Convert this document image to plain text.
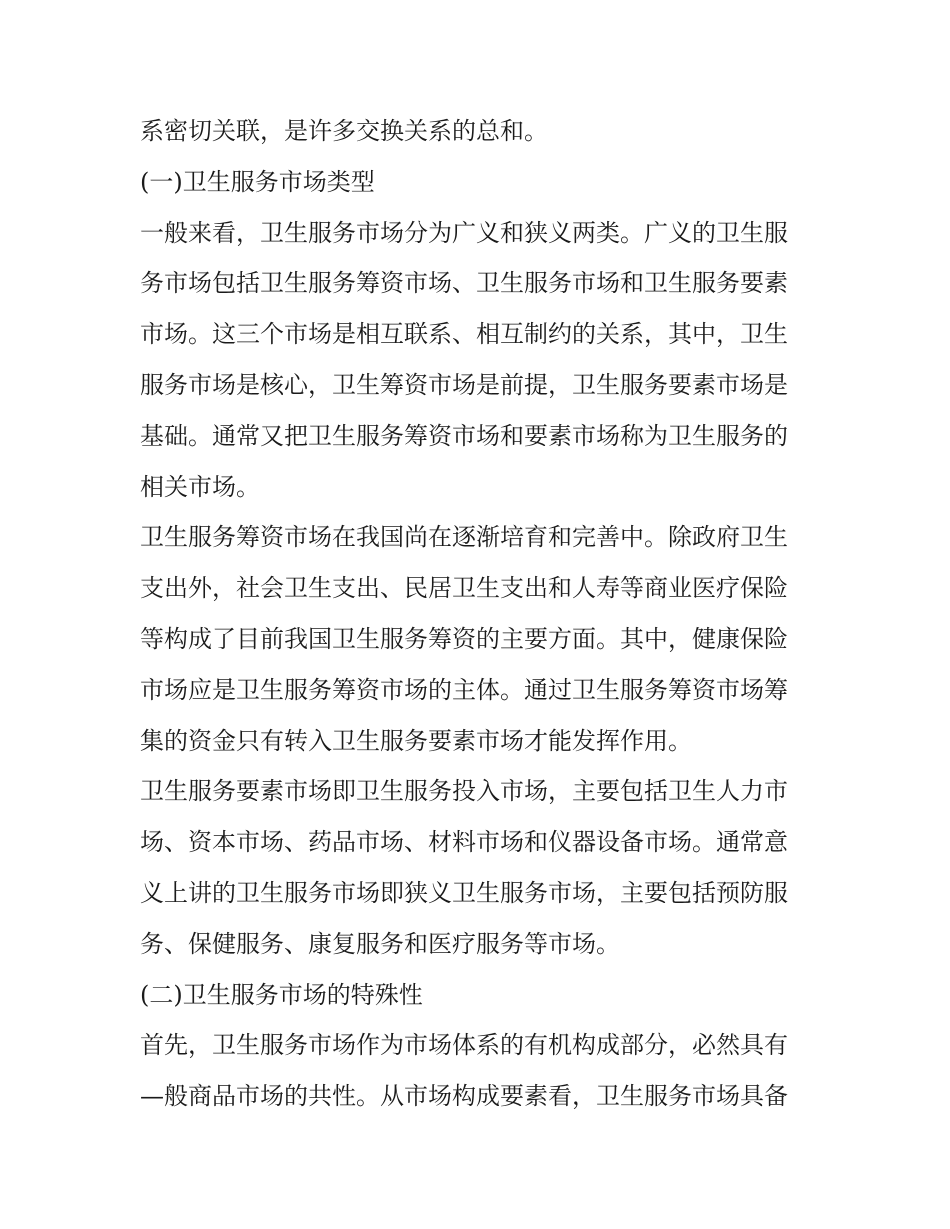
系密切关联，是许多交换关系的总和。
(一)卫生服务市场类型
一般来看，卫生服务市场分为广义和狭义两类。广义的卫生服
务市场包括卫生服务筹资市场、卫生服务市场和卫生服务要素
市场。这三个市场是相互联系、相互制约的关系，其中，卫生
服务市场是核心，卫生筹资市场是前提，卫生服务要素市场是
基础。通常又把卫生服务筹资市场和要素市场称为卫生服务的
相关市场。
卫生服务筹资市场在我国尚在逐渐培育和完善中。除政府卫生
支出外，社会卫生支出、民居卫生支出和人寿等商业医疗保险
等构成了目前我国卫生服务筹资的主要方面。其中，健康保险
市场应是卫生服务筹资市场的主体。通过卫生服务筹资市场筹
集的资金只有转入卫生服务要素市场才能发挥作用。
卫生服务要素市场即卫生服务投入市场，主要包括卫生人力市
场、资本市场、药品市场、材料市场和仪器设备市场。通常意
义上讲的卫生服务市场即狭义卫生服务市场，主要包括预防服
务、保健服务、康复服务和医疗服务等市场。
(二)卫生服务市场的特殊性
首先，卫生服务市场作为市场体系的有机构成部分，必然具有
—般商品市场的共性。从市场构成要素看，卫生服务市场具备
